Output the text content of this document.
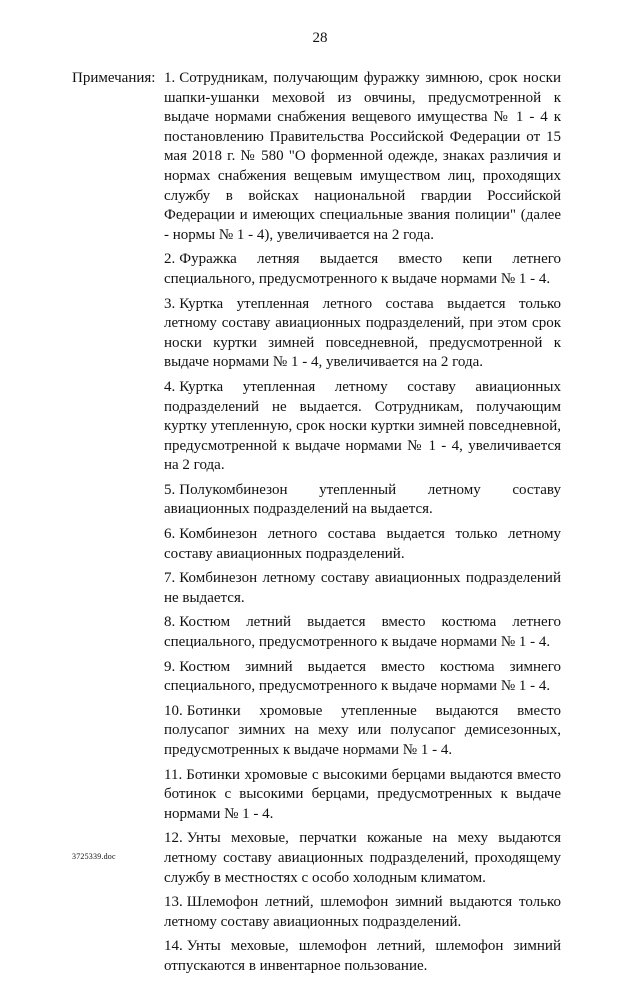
28
Примечания: 1. Сотрудникам, получающим фуражку зимнюю, срок носки шапки-ушанки меховой из овчины, предусмотренной к выдаче нормами снабжения вещевого имущества № 1 - 4 к постановлению Правительства Российской Федерации от 15 мая 2018 г. № 580 "О форменной одежде, знаках различия и нормах снабжения вещевым имуществом лиц, проходящих службу в войсках национальной гвардии Российской Федерации и имеющих специальные звания полиции" (далее - нормы № 1 - 4), увеличивается на 2 года.

2. Фуражка летняя выдается вместо кепи летнего специального, предусмотренного к выдаче нормами № 1 - 4.

3. Куртка утепленная летного состава выдается только летному составу авиационных подразделений, при этом срок носки куртки зимней повседневной, предусмотренной к выдаче нормами № 1 - 4, увеличивается на 2 года.

4. Куртка утепленная летному составу авиационных подразделений не выдается. Сотрудникам, получающим куртку утепленную, срок носки куртки зимней повседневной, предусмотренной к выдаче нормами № 1 - 4, увеличивается на 2 года.

5. Полукомбинезон утепленный летному составу авиационных подразделений на выдается.

6. Комбинезон летного состава выдается только летному составу авиационных подразделений.

7. Комбинезон летному составу авиационных подразделений не выдается.

8. Костюм летний выдается вместо костюма летнего специального, предусмотренного к выдаче нормами № 1 - 4.

9. Костюм зимний выдается вместо костюма зимнего специального, предусмотренного к выдаче нормами № 1 - 4.

10. Ботинки хромовые утепленные выдаются вместо полусапог зимних на меху или полусапог демисезонных, предусмотренных к выдаче нормами № 1 - 4.

11. Ботинки хромовые с высокими берцами выдаются вместо ботинок с высокими берцами, предусмотренных к выдаче нормами № 1 - 4.

12. Унты меховые, перчатки кожаные на меху выдаются летному составу авиационных подразделений, проходящему службу в местностях с особо холодным климатом.

13. Шлемофон летний, шлемофон зимний выдаются только летному составу авиационных подразделений.

14. Унты меховые, шлемофон летний, шлемофон зимний отпускаются в инвентарное пользование.

3725339.doc
